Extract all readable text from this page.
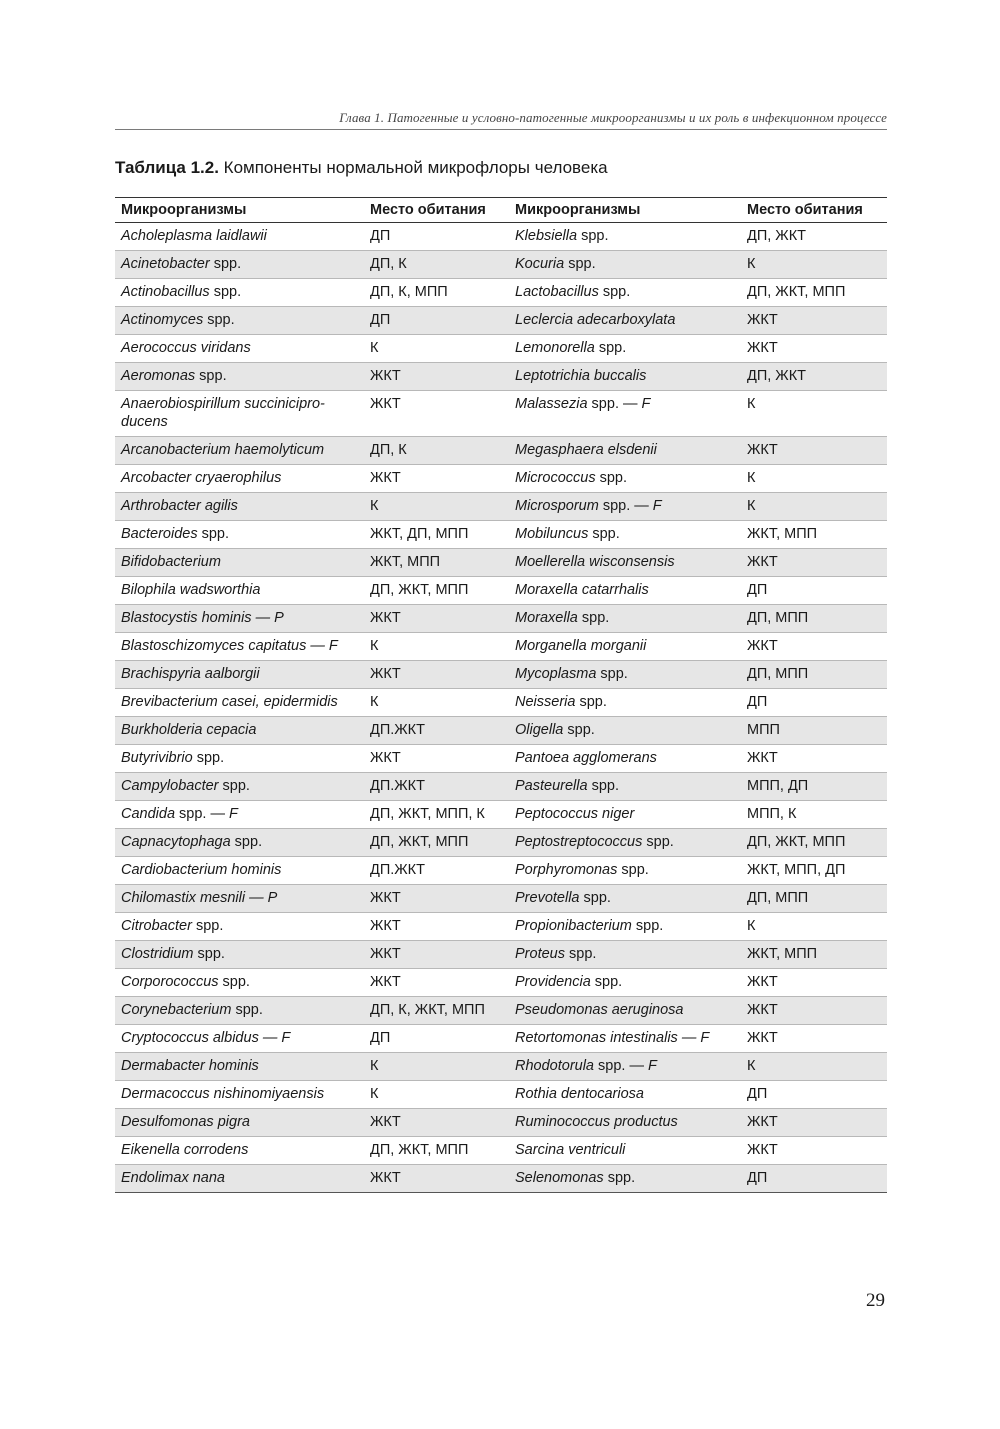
Глава 1. Патогенные и условно-патогенные микроорганизмы и их роль в инфекционном процессе
Таблица 1.2. Компоненты нормальной микрофлоры человека
Микроорганизмы	Место обитания	Микроорганизмы	Место обитания
Acholeplasma laidlawii	ДП	Klebsiella spp.	ДП, ЖКТ
Acinetobacter spp.	ДП, К	Kocuria spp.	К
Actinobacillus spp.	ДП, К, МПП	Lactobacillus spp.	ДП, ЖКТ, МПП
Actinomyces spp.	ДП	Leclercia adecarboxylata	ЖКТ
Aerococcus viridans	К	Lemonorella spp.	ЖКТ
Aeromonas spp.	ЖКТ	Leptotrichia buccalis	ДП, ЖКТ
Anaerobiospirillum succinicipro-ducens	ЖКТ	Malassezia spp. — F	К
Arcanobacterium haemolyticum	ДП, К	Megasphaera elsdenii	ЖКТ
Arcobacter cryaerophilus	ЖКТ	Micrococcus spp.	К
Arthrobacter agilis	К	Microsporum spp. — F	К
Bacteroides spp.	ЖКТ, ДП, МПП	Mobiluncus spp.	ЖКТ, МПП
Bifidobacterium	ЖКТ, МПП	Moellerella wisconsensis	ЖКТ
Bilophila wadsworthia	ДП, ЖКТ, МПП	Moraxella catarrhalis	ДП
Blastocystis hominis — P	ЖКТ	Moraxella spp.	ДП, МПП
Blastoschizomyces capitatus — F	К	Morganella morganii	ЖКТ
Brachispyria aalborgii	ЖКТ	Mycoplasma spp.	ДП, МПП
Brevibacterium casei, epidermidis	К	Neisseria spp.	ДП
Burkholderia cepacia	ДП.ЖКТ	Oligella spp.	МПП
Butyrivibrio spp.	ЖКТ	Pantoea agglomerans	ЖКТ
Campylobacter spp.	ДП.ЖКТ	Pasteurella spp.	МПП, ДП
Candida spp. — F	ДП, ЖКТ, МПП, К	Peptococcus niger	МПП, К
Capnacytophaga spp.	ДП, ЖКТ, МПП	Peptostreptococcus spp.	ДП, ЖКТ, МПП
Cardiobacterium hominis	ДП.ЖКТ	Porphyromonas spp.	ЖКТ, МПП, ДП
Chilomastix mesnili — P	ЖКТ	Prevotella spp.	ДП, МПП
Citrobacter spp.	ЖКТ	Propionibacterium spp.	К
Clostridium spp.	ЖКТ	Proteus spp.	ЖКТ, МПП
Corporococcus spp.	ЖКТ	Providencia spp.	ЖКТ
Corynebacterium spp.	ДП, К, ЖКТ, МПП	Pseudomonas aeruginosa	ЖКТ
Cryptococcus albidus — F	ДП	Retortomonas intestinalis — F	ЖКТ
Dermabacter hominis	К	Rhodotorula spp. — F	К
Dermacoccus nishinomiyaensis	К	Rothia dentocariosa	ДП
Desulfomonas pigra	ЖКТ	Ruminococcus productus	ЖКТ
Eikenella corrodens	ДП, ЖКТ, МПП	Sarcina ventriculi	ЖКТ
Endolimax nana	ЖКТ	Selenomonas spp.	ДП
29
